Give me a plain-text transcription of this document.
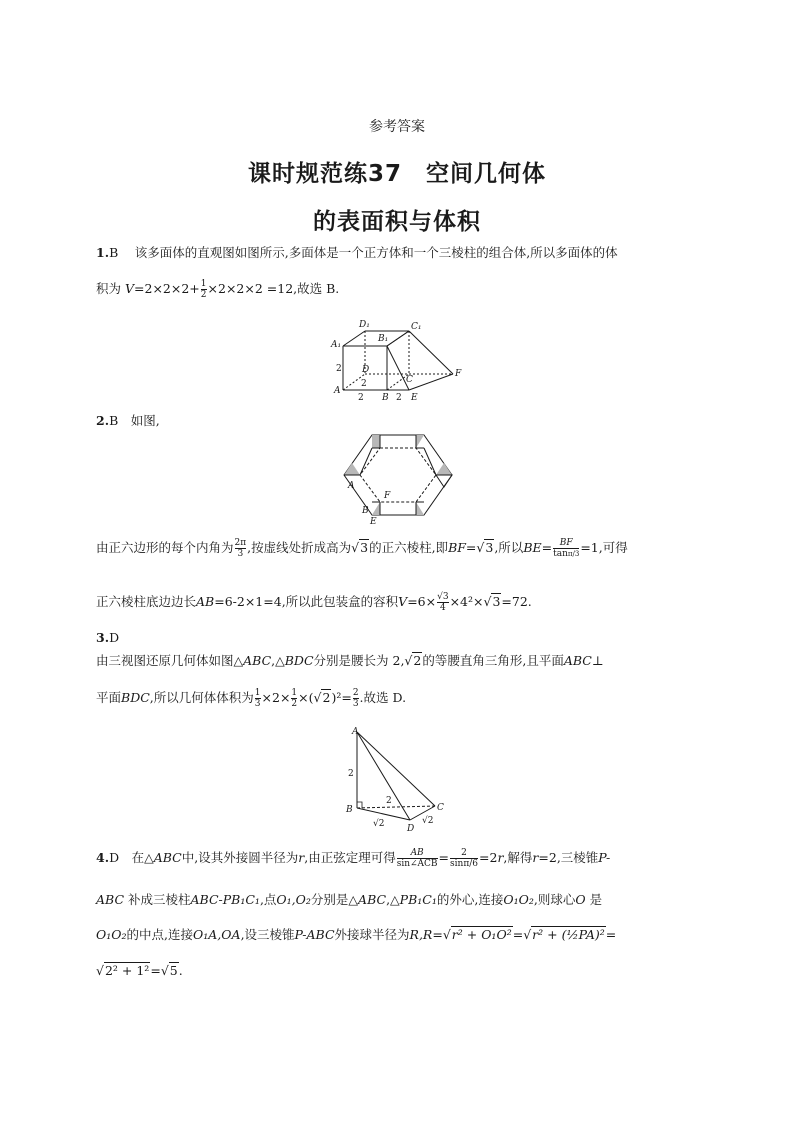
参考答案
课时规范练37　空间几何体
的表面积与体积
1.B　 该多面体的直观图如图所示,多面体是一个正方体和一个三棱柱的组合体,所以多面体的体
积为 $V=2\times 2\times 2+ \frac{1}{2} \times 2\times 2\times 2 =12$,故选 B.
D₁	C₁
A₁
B₁
D
C
F
A
B E
2
2
2	2
2.B　 如图,
A
F
B
E
由正六边形的每个内角为 $\frac{2\pi}{3}$ ,按虚线处折成高为√3的正六棱柱,即BF=√3,所以$BE= \frac{BF}{\tan\pi/3} =1$,可得
正六棱柱底边边长AB=6-2×1=4,所以此包装盒的容积$V=6\times \frac{√3}{4} \times 4^2\times√3=72$.
3.D
由三视图还原几何体如图△ABC,△BDC分别是腰长为 2,√2的等腰直角三角形,且平面ABC⊥
平面BDC,所以几何体体积为 $\frac{1}{3} \times 2\times \frac{1}{2} \times(√2)^2= \frac{2}{3}$ .故选 D.
A
B	C
D
2
2
√2	√2
4.D　 在△ABC中,设其外接圆半径为r,由正弦定理可得 $\frac{AB}{\text{sin∠ACB}} = \frac{2}{\sin\pi/6} =2r$,解得r=2,三棱锥P-
ABC 补成三棱柱ABC-PB₁C₁,点O₁,O₂分别是△ABC,△PB₁C₁的外心,连接O₁O₂,则球心O 是
O₁O₂的中点,连接O₁A,OA,设三棱锥P-ABC外接球半径为R,R=√r² + O₁O²=√r² + (½PA)²=
√2² + 1²=√5.
